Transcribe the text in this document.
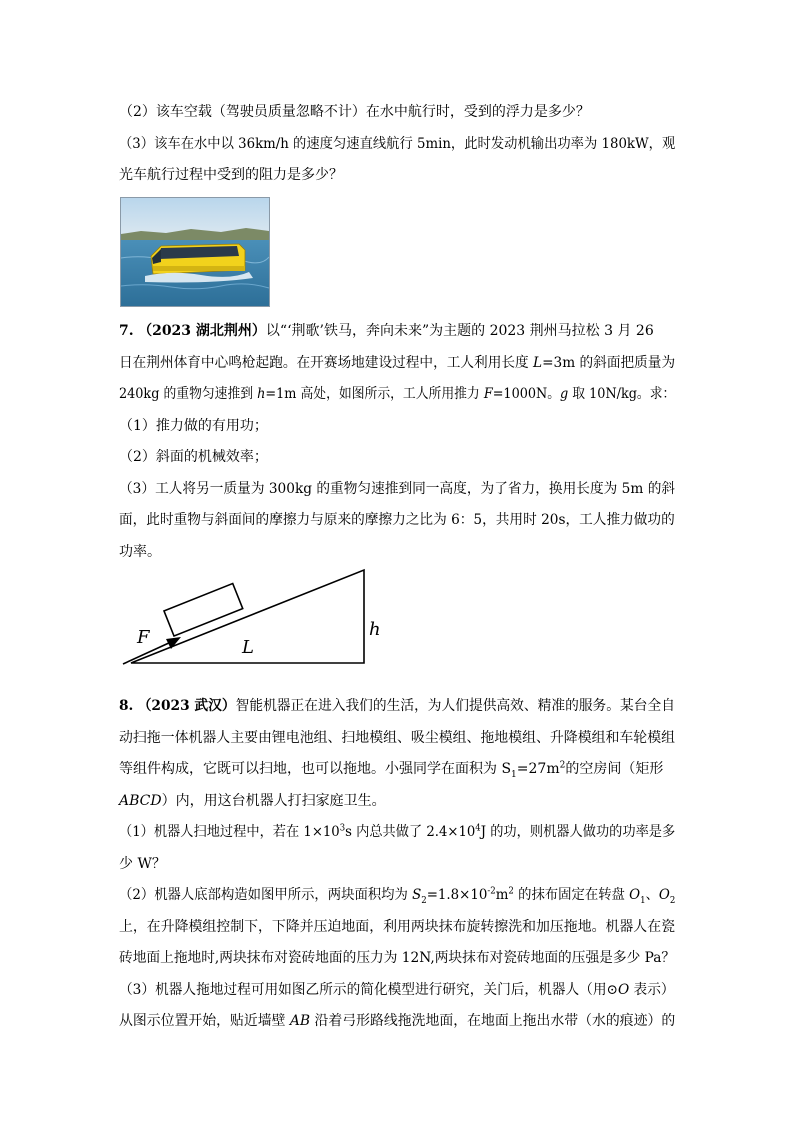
（2）该车空载（驾驶员质量忽略不计）在水中航行时，受到的浮力是多少？
（3）该车在水中以 36km/h 的速度匀速直线航行 5min，此时发动机输出功率为 180kW，观
光车航行过程中受到的阻力是多少？
7. （2023 湖北荆州）以“‘荆歌’铁马，奔向未来”为主题的 2023 荆州马拉松 3 月 26
日在荆州体育中心鸣枪起跑。在开赛场地建设过程中，工人利用长度 L=3m 的斜面把质量为
240kg 的重物匀速推到 h=1m 高处，如图所示，工人所用推力 F=1000N。g 取 10N/kg。求：
（1）推力做的有用功；
（2）斜面的机械效率；
（3）工人将另一质量为 300kg 的重物匀速推到同一高度，为了省力，换用长度为 5m 的斜
面，此时重物与斜面间的摩擦力与原来的摩擦力之比为 6：5，共用时 20s，工人推力做功的
功率。
F	L
h
8. （2023 武汉）智能机器正在进入我们的生活，为人们提供高效、精准的服务。某台全自
动扫拖一体机器人主要由锂电池组、扫地模组、吸尘模组、拖地模组、升降模组和车轮模组
等组件构成，它既可以扫地，也可以拖地。小强同学在面积为 $S_1=27m^2$的空房间（矩形
ABCD）内，用这台机器人打扫家庭卫生。
（1）机器人扫地过程中，若在 $1\times 10^3s$ 内总共做了 $2.4\times 10^4J$ 的功，则机器人做功的功率是多
少 W？
（2）机器人底部构造如图甲所示，两块面积均为 $S_2=1.8\times 10^{-2}m^2$ 的抹布固定在转盘 $O_1$、$O_2$
上，在升降模组控制下，下降并压迫地面，利用两块抹布旋转擦洗和加压拖地。机器人在瓷
砖地面上拖地时,两块抹布对瓷砖地面的压力为 12N,两块抹布对瓷砖地面的压强是多少 Pa？
（3）机器人拖地过程可用如图乙所示的简化模型进行研究，关门后，机器人（用⊙O 表示）
从图示位置开始，贴近墙壁 AB 沿着弓形路线拖洗地面，在地面上拖出水带（水的痕迹）的
